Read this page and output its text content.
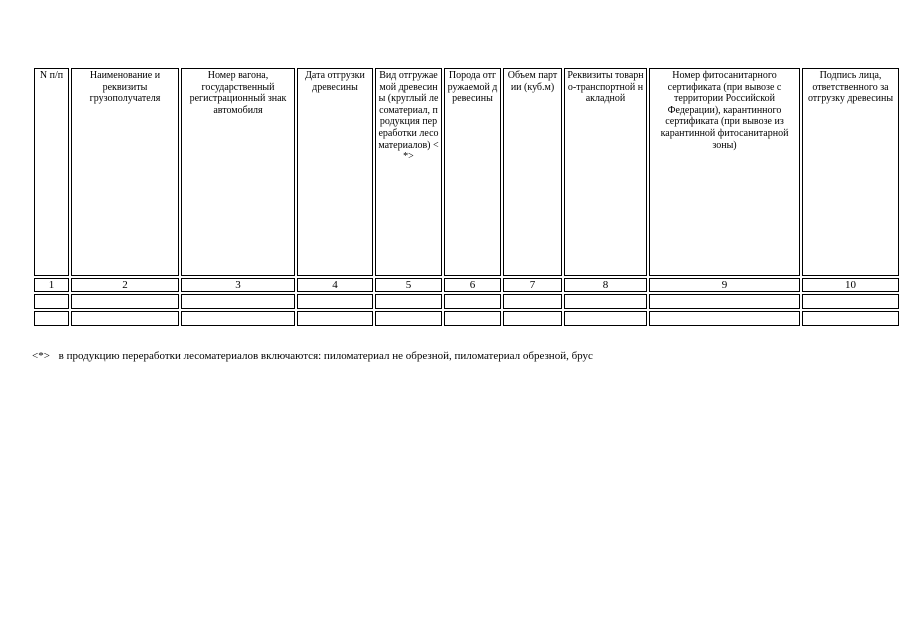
N п/п	Наименование и реквизиты грузополучателя	Номер вагона, государственный регистрационный знак автомобиля	Дата отгрузки древесины	Вид отгружаемой древесины (круглый лесоматериал, продукция переработки лесоматериалов) <*>	Порода отгружаемой древесины	Объем партии (куб.м)	Реквизиты товарно-транспортной накладной	Номер фитосанитарного сертификата (при вывозе с территории Российской Федерации), карантинного сертификата (при вывозе из карантинной фитосанитарной зоны)	Подпись лица, ответственного за отгрузку древесины
1	2	3	4	5	6	7	8	9	10

<*> в продукцию переработки лесоматериалов включаются: пиломатериал не обрезной, пиломатериал обрезной, брус
